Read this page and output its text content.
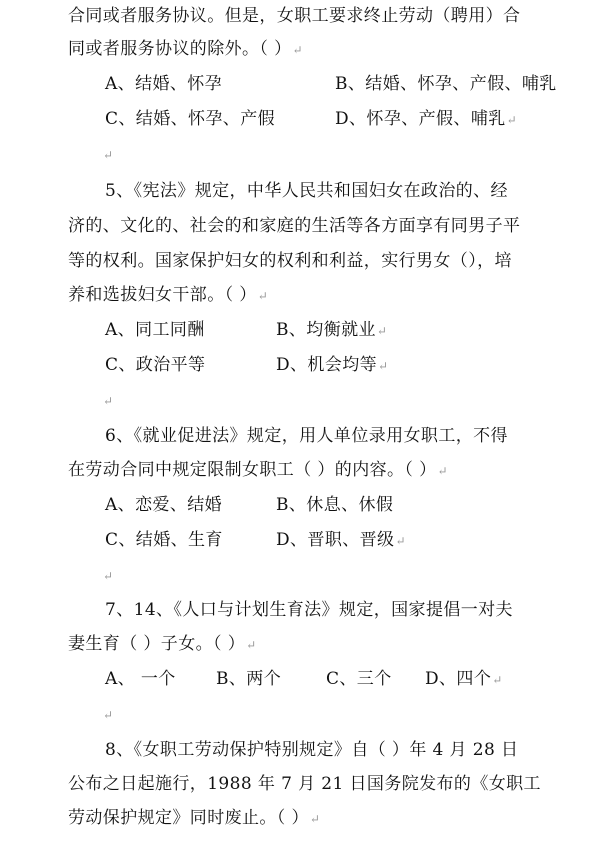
合同或者服务协议。但是，女职工要求终止劳动（聘用）合
同或者服务协议的除外。（ ）↵
A、结婚、怀孕	B、结婚、怀孕、产假、哺乳
C、结婚、怀孕、产假	D、怀孕、产假、哺乳↵
↵
5、《宪法》规定，中华人民共和国妇女在政治的、经
济的、文化的、社会的和家庭的生活等各方面享有同男子平
等的权利。国家保护妇女的权利和利益，实行男女（），培
养和选拔妇女干部。（ ）↵
A、同工同酬	B、均衡就业↵
C、政治平等	D、机会均等↵
↵
6、《就业促进法》规定，用人单位录用女职工，不得
在劳动合同中规定限制女职工（ ）的内容。（ ）↵
A、恋爱、结婚	B、休息、休假
C、结婚、生育	D、晋职、晋级↵
↵
7、14、《人口与计划生育法》规定，国家提倡一对夫
妻生育（ ）子女。（ ）↵
A、 一个 B、两个	C、三个 D、四个↵
↵
8、《女职工劳动保护特别规定》自（ ）年 4 月 28 日
公布之日起施行，1988 年 7 月 21 日国务院发布的《女职工
劳动保护规定》同时废止。（ ）↵
